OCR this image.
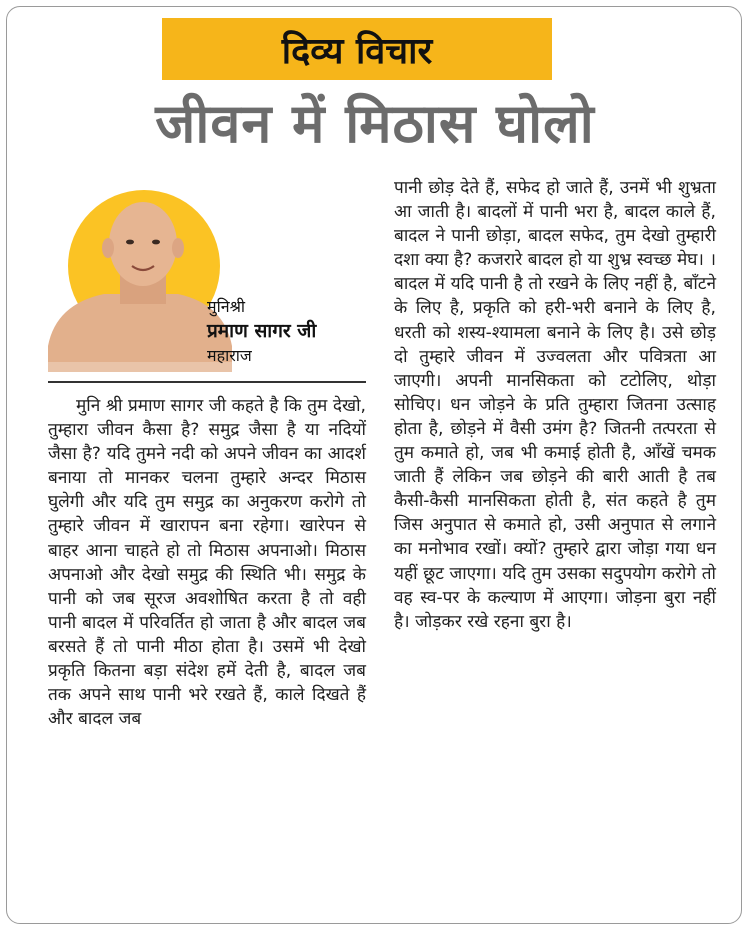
दिव्य विचार
जीवन में मिठास घोलो
मुनिश्री
प्रमाण सागर जी
महाराज
मुनि श्री प्रमाण सागर जी कहते है कि तुम देखो, तुम्हारा जीवन कैसा है? समुद्र जैसा है या नदियों जैसा है? यदि तुमने नदी को अपने जीवन का आदर्श बनाया तो मानकर चलना तुम्हारे अन्दर मिठास घुलेगी और यदि तुम समुद्र का अनुकरण करोगे तो तुम्हारे जीवन में खारापन बना रहेगा। खारेपन से बाहर आना चाहते हो तो मिठास अपनाओ। मिठास अपनाओ और देखो समुद्र की स्थिति भी। समुद्र के पानी को जब सूरज अवशोषित करता है तो वही पानी बादल में परिवर्तित हो जाता है और बादल जब बरसते हैं तो पानी मीठा होता है। उसमें भी देखो प्रकृति कितना बड़ा संदेश हमें देती है, बादल जब तक अपने साथ पानी भरे रखते हैं, काले दिखते हैं और बादल जब
पानी छोड़ देते हैं, सफेद हो जाते हैं, उनमें भी शुभ्रता आ जाती है। बादलों में पानी भरा है, बादल काले हैं, बादल ने पानी छोड़ा, बादल सफेद, तुम देखो तुम्हारी दशा क्या है? कजरारे बादल हो या शुभ्र स्वच्छ मेघ। । बादल में यदि पानी है तो रखने के लिए नहीं है, बाँटने के लिए है, प्रकृति को हरी-भरी बनाने के लिए है, धरती को शस्य-श्यामला बनाने के लिए है। उसे छोड़ दो तुम्हारे जीवन में उज्वलता और पवित्रता आ जाएगी। अपनी मानसिकता को टटोलिए, थोड़ा सोचिए। धन जोड़ने के प्रति तुम्हारा जितना उत्साह होता है, छोड़ने में वैसी उमंग है? जितनी तत्परता से तुम कमाते हो, जब भी कमाई होती है, आँखें चमक जाती हैं लेकिन जब छोड़ने की बारी आती है तब कैसी-कैसी मानसिकता होती है, संत कहते है तुम जिस अनुपात से कमाते हो, उसी अनुपात से लगाने का मनोभाव रखों। क्यों? तुम्हारे द्वारा जोड़ा गया धन यहीं छूट जाएगा। यदि तुम उसका सदुपयोग करोगे तो वह स्व-पर के कल्याण में आएगा। जोड़ना बुरा नहीं है। जोड़कर रखे रहना बुरा है।
